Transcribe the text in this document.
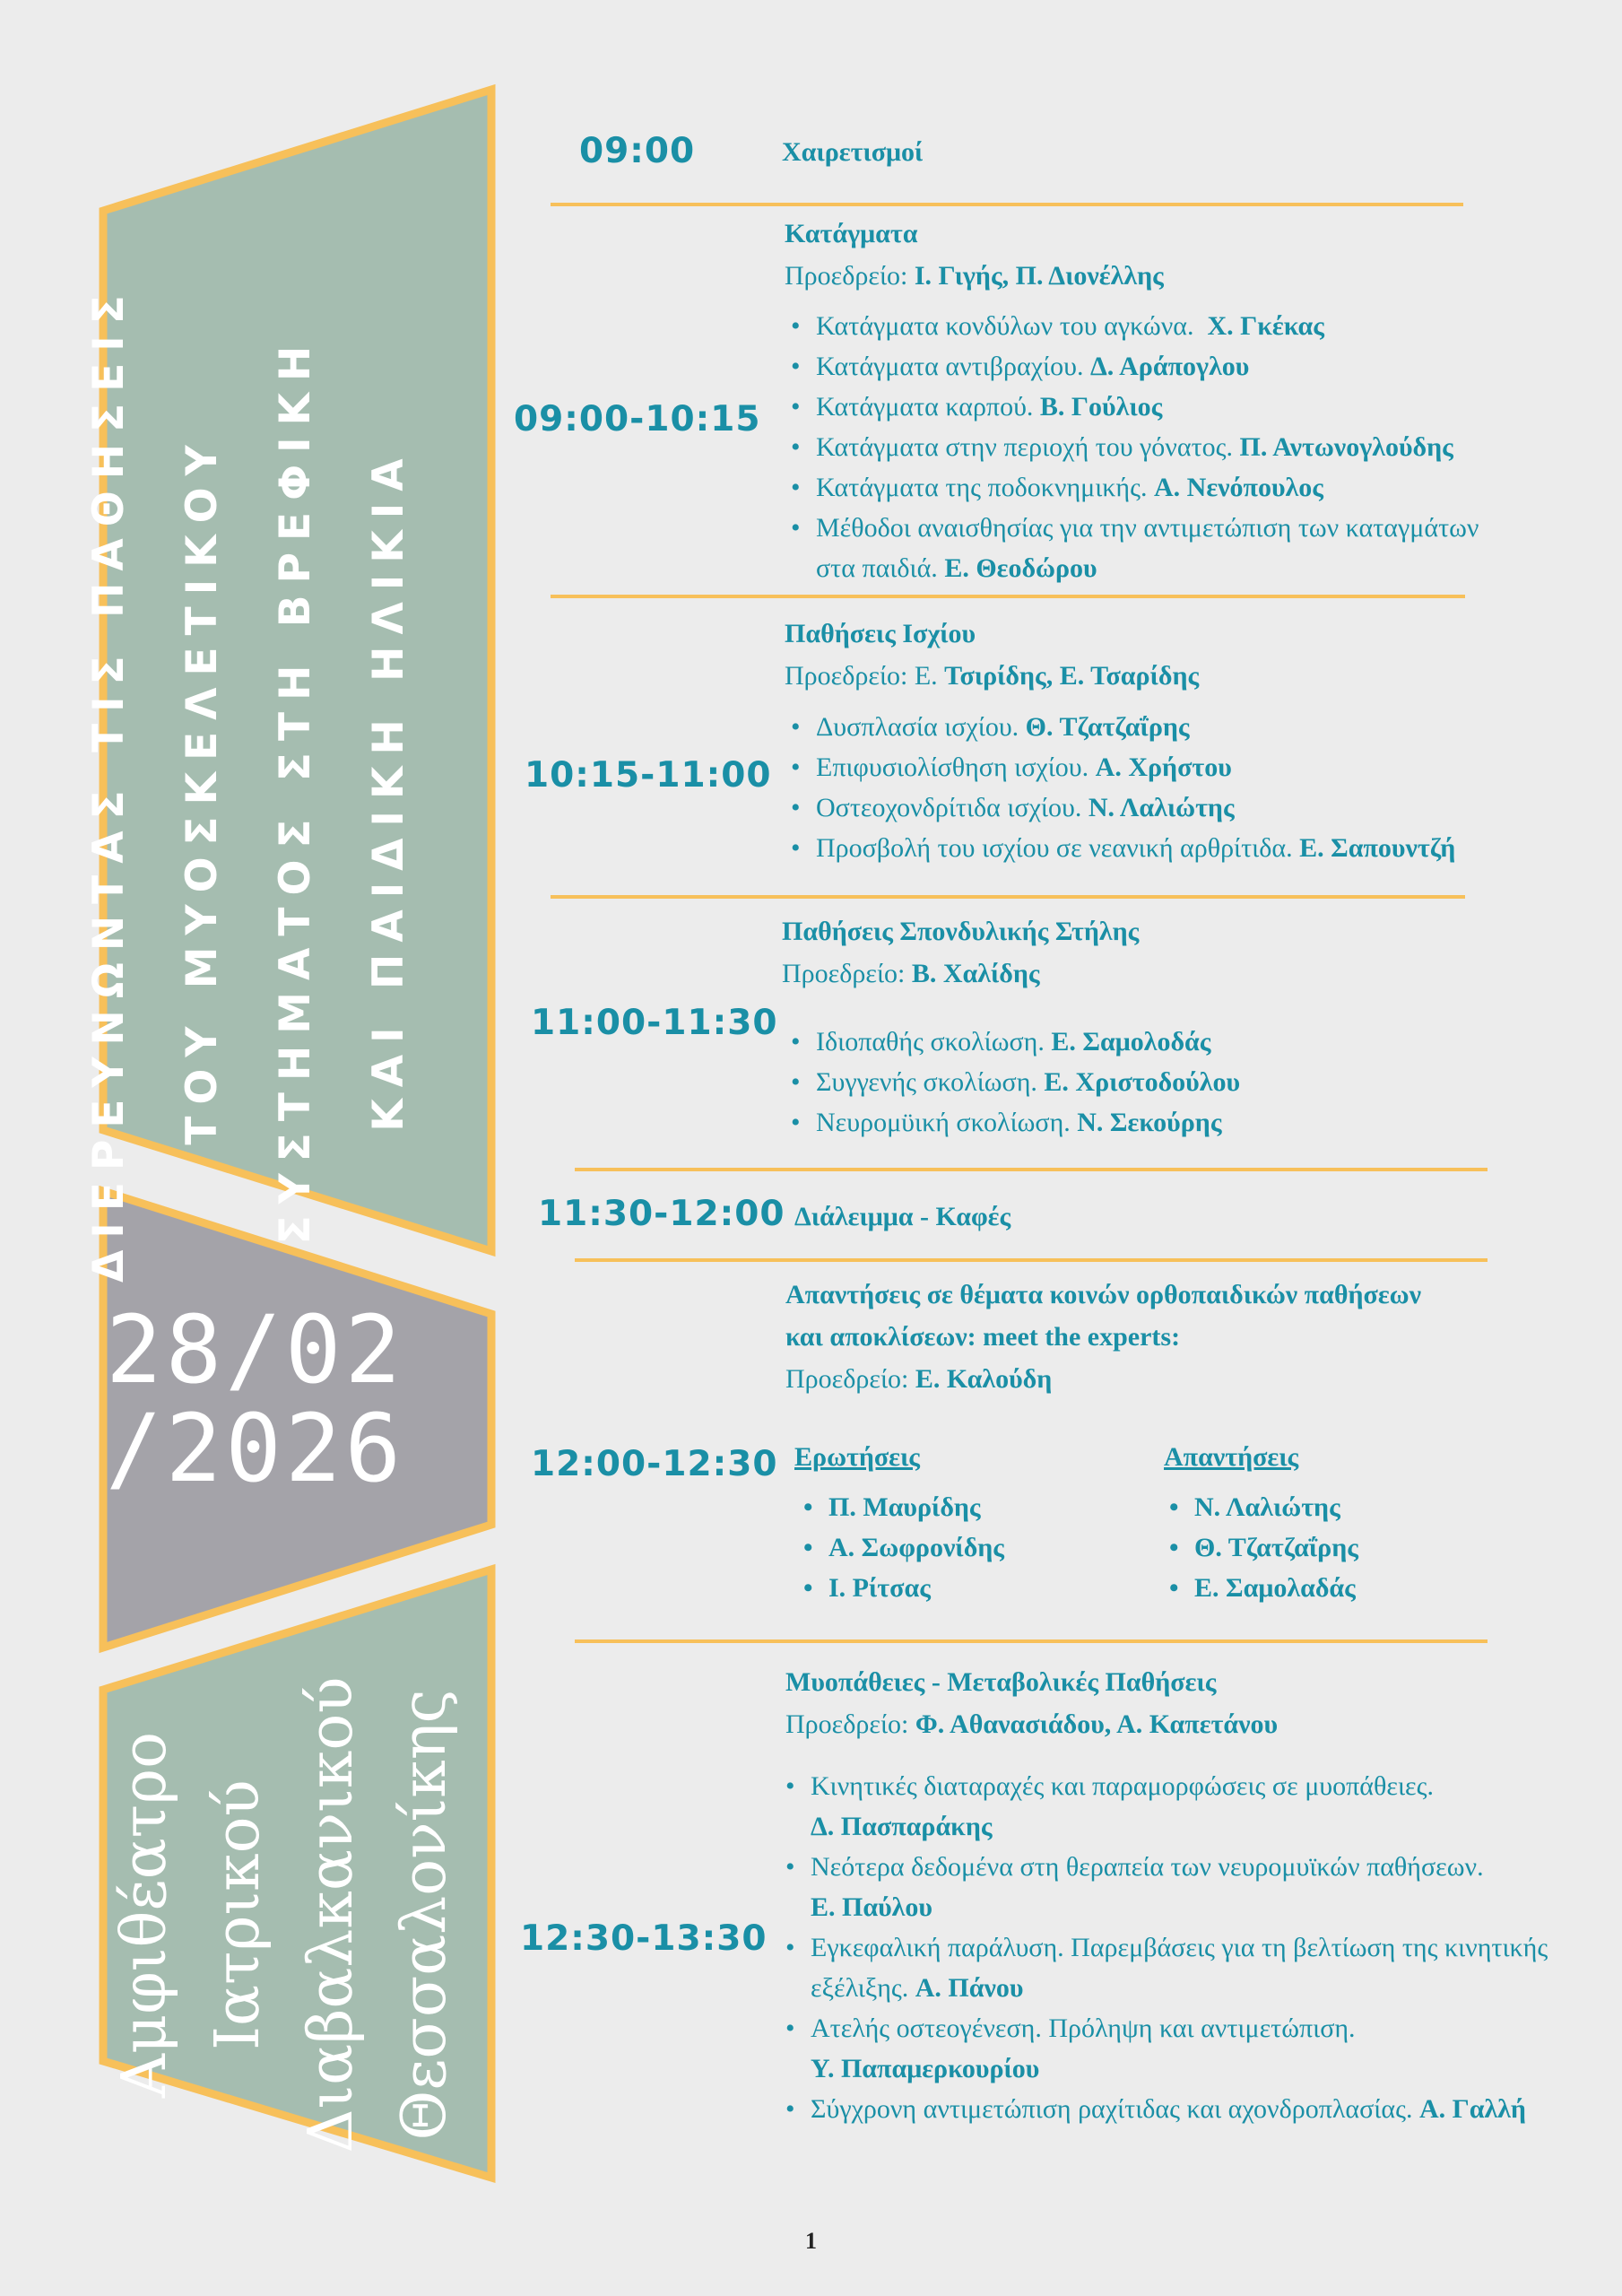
ΔΙΕΡΕΥΝΩΝΤΑΣ ΤΙΣ ΠΑΘΗΣΕΙΣ	ΤΟΥ ΜΥΟΣΚΕΛΕΤΙΚΟΥ	ΣΥΣΤΗΜΑΤΟΣ ΣΤΗ ΒΡΕΦΙΚΗ	ΚΑΙ ΠΑΙΔΙΚΗ ΗΛΙΚΙΑ
28/02
/2026
Αμφιθέατρο Ιατρικού Διαβαλκανικού Θεσσαλονίκης
09:00	Χαιρετισμοί
09:00-10:15
Κατάγματα
Προεδρείο: Ι. Γιγής, Π. Διονέλλης
• Κατάγματα κονδύλων του αγκώνα. Χ. Γκέκας
• Κατάγματα αντιβραχίου. Δ. Αράπογλου
• Κατάγματα καρπού. Β. Γούλιος
• Κατάγματα στην περιοχή του γόνατος. Π. Αντωνογλούδης
• Κατάγματα της ποδοκνημικής. Α. Νενόπουλος
• Μέθοδοι αναισθησίας για την αντιμετώπιση των καταγμάτων
στα παιδιά. Ε. Θεοδώρου
10:15-11:00
Παθήσεις Ισχίου
Προεδρείο: Ε. Τσιρίδης, Ε. Τσαρίδης
• Δυσπλασία ισχίου. Θ. Τζατζαΐρης
• Επιφυσιολίσθηση ισχίου. Α. Χρήστου
• Οστεοχονδρίτιδα ισχίου. Ν. Λαλιώτης
• Προσβολή του ισχίου σε νεανική αρθρίτιδα. Ε. Σαπουντζή
11:00-11:30
Παθήσεις Σπονδυλικής Στήλης
Προεδρείο: Β. Χαλίδης
• Ιδιοπαθής σκολίωση. Ε. Σαμολοδάς
• Συγγενής σκολίωση. Ε. Χριστοδούλου
• Νευρομϋική σκολίωση. Ν. Σεκούρης
11:30-12:00 Διάλειμμα - Καφές
12:00-12:30
Απαντήσεις σε θέματα κοινών ορθοπαιδικών παθήσεων
και αποκλίσεων: meet the experts:
Προεδρείο: Ε. Καλούδη
Ερωτήσεις
• Π. Μαυρίδης
• Α. Σωφρονίδης
• Ι. Ρίτσας
Απαντήσεις
• Ν. Λαλιώτης
• Θ. Τζατζαΐρης
• Ε. Σαμολαδάς
12:30-13:30
Μυοπάθειες - Μεταβολικές Παθήσεις
Προεδρείο: Φ. Αθανασιάδου, Α. Καπετάνου
• Κινητικές διαταραχές και παραμορφώσεις σε μυοπάθειες.
Δ. Πασπαράκης
• Νεότερα δεδομένα στη θεραπεία των νευρομυϊκών παθήσεων.
Ε. Παύλου
• Εγκεφαλική παράλυση. Παρεμβάσεις για τη βελτίωση της κινητικής
εξέλιξης. Α. Πάνου
• Ατελής οστεογένεση. Πρόληψη και αντιμετώπιση.
Υ. Παπαμερκουρίου
• Σύγχρονη αντιμετώπιση ραχίτιδας και αχονδροπλασίας. Α. Γαλλή
1
